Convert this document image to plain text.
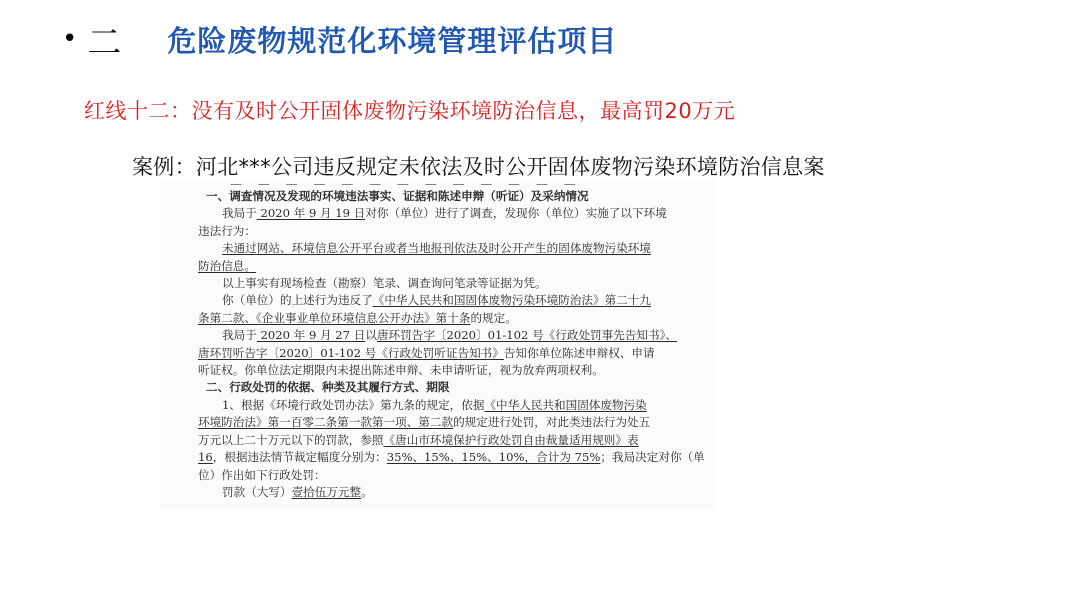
• 二 危险废物规范化环境管理评估项目
红线十二：没有及时公开固体废物污染环境防治信息，最高罚20万元
案例：河北***公司违反规定未依法及时公开固体废物污染环境防治信息案
— — — — — — — — — — — — —
一、调查情况及发现的环境违法事实、证据和陈述申辩（听证）及采纳情况
我局于 2020 年 9 月 19 日对你（单位）进行了调查，发现你（单位）实施了以下环境
违法行为：
未通过网站、环境信息公开平台或者当地报刊依法及时公开产生的固体废物污染环境
防治信息。
以上事实有现场检查（勘察）笔录、调查询问笔录等证据为凭。
你（单位）的上述行为违反了《中华人民共和国固体废物污染环境防治法》第二十九
条第二款、《企业事业单位环境信息公开办法》第十条的规定。
我局于 2020 年 9 月 27 日以唐环罚告字〔2020〕01-102 号《行政处罚事先告知书》、
唐环罚听告字〔2020〕01-102 号《行政处罚听证告知书》告知你单位陈述申辩权、申请
听证权。你单位法定期限内未提出陈述申辩、未申请听证，视为放弃两项权利。
二、行政处罚的依据、种类及其履行方式、期限
1、根据《环境行政处罚办法》第九条的规定，依据《中华人民共和国固体废物污染
环境防治法》第一百零二条第一款第一项、第二款的规定进行处罚，对此类违法行为处五
万元以上二十万元以下的罚款，参照《唐山市环境保护行政处罚自由裁量适用规则》表
16，根据违法情节裁定幅度分别为：35%、15%、15%、10%，合计为 75%；我局决定对你（单
位）作出如下行政处罚：
罚款（大写）壹拾伍万元整。
